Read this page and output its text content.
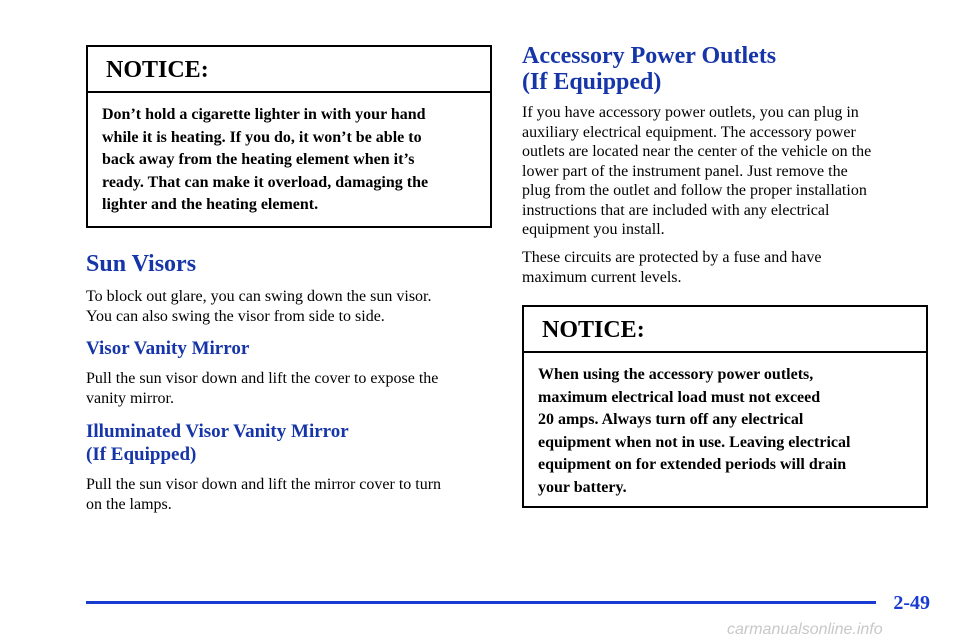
NOTICE:
Don’t hold a cigarette lighter in with your hand
while it is heating. If you do, it won’t be able to
back away from the heating element when it’s
ready. That can make it overload, damaging the
lighter and the heating element.
Sun Visors

To block out glare, you can swing down the sun visor.
You can also swing the visor from side to side.

Visor Vanity Mirror

Pull the sun visor down and lift the cover to expose the
vanity mirror.

Illuminated Visor Vanity Mirror
(If Equipped)

Pull the sun visor down and lift the mirror cover to turn
on the lamps.

Accessory Power Outlets
(If Equipped)

If you have accessory power outlets, you can plug in
auxiliary electrical equipment. The accessory power
outlets are located near the center of the vehicle on the
lower part of the instrument panel. Just remove the
plug from the outlet and follow the proper installation
instructions that are included with any electrical
equipment you install.

These circuits are protected by a fuse and have
maximum current levels.

NOTICE:
When using the accessory power outlets,
maximum electrical load must not exceed
20 amps. Always turn off any electrical
equipment when not in use. Leaving electrical
equipment on for extended periods will drain
your battery.
2-49
carmanualsonline.info
